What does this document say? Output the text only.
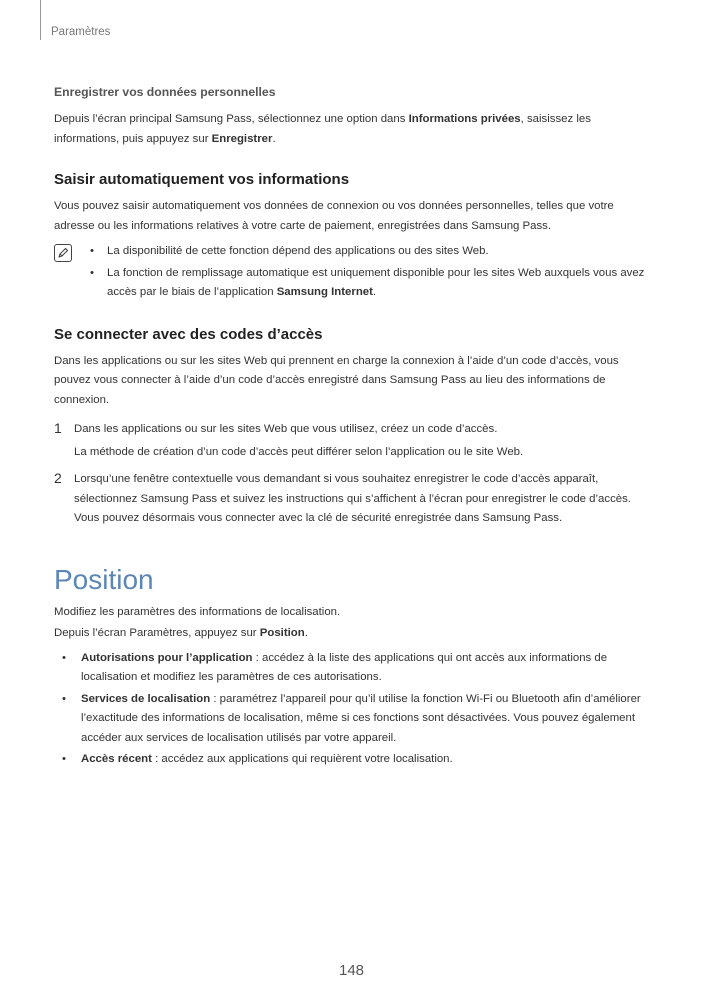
Paramètres
Enregistrer vos données personnelles

Depuis l’écran principal Samsung Pass, sélectionnez une option dans Informations privées, saisissez les informations, puis appuyez sur Enregistrer.

Saisir automatiquement vos informations

Vous pouvez saisir automatiquement vos données de connexion ou vos données personnelles, telles que votre adresse ou les informations relatives à votre carte de paiement, enregistrées dans Samsung Pass.

• La disponibilité de cette fonction dépend des applications ou des sites Web.
• La fonction de remplissage automatique est uniquement disponible pour les sites Web auxquels vous avez accès par le biais de l’application Samsung Internet.
Se connecter avec des codes d’accès

Dans les applications ou sur les sites Web qui prennent en charge la connexion à l’aide d’un code d’accès, vous pouvez vous connecter à l’aide d’un code d’accès enregistré dans Samsung Pass au lieu des informations de connexion.

1 Dans les applications ou sur les sites Web que vous utilisez, créez un code d’accès.

La méthode de création d’un code d’accès peut différer selon l’application ou le site Web.

2 Lorsqu’une fenêtre contextuelle vous demandant si vous souhaitez enregistrer le code d’accès apparaît, sélectionnez Samsung Pass et suivez les instructions qui s’affichent à l’écran pour enregistrer le code d’accès.

Vous pouvez désormais vous connecter avec la clé de sécurité enregistrée dans Samsung Pass.

Position

Modifiez les paramètres des informations de localisation.

Depuis l’écran Paramètres, appuyez sur Position.

• Autorisations pour l’application : accédez à la liste des applications qui ont accès aux informations de localisation et modifiez les paramètres de ces autorisations.
• Services de localisation : paramétrez l’appareil pour qu’il utilise la fonction Wi-Fi ou Bluetooth afin d’améliorer l’exactitude des informations de localisation, même si ces fonctions sont désactivées. Vous pouvez également accéder aux services de localisation utilisés par votre appareil.
• Accès récent : accédez aux applications qui requièrent votre localisation.
148
